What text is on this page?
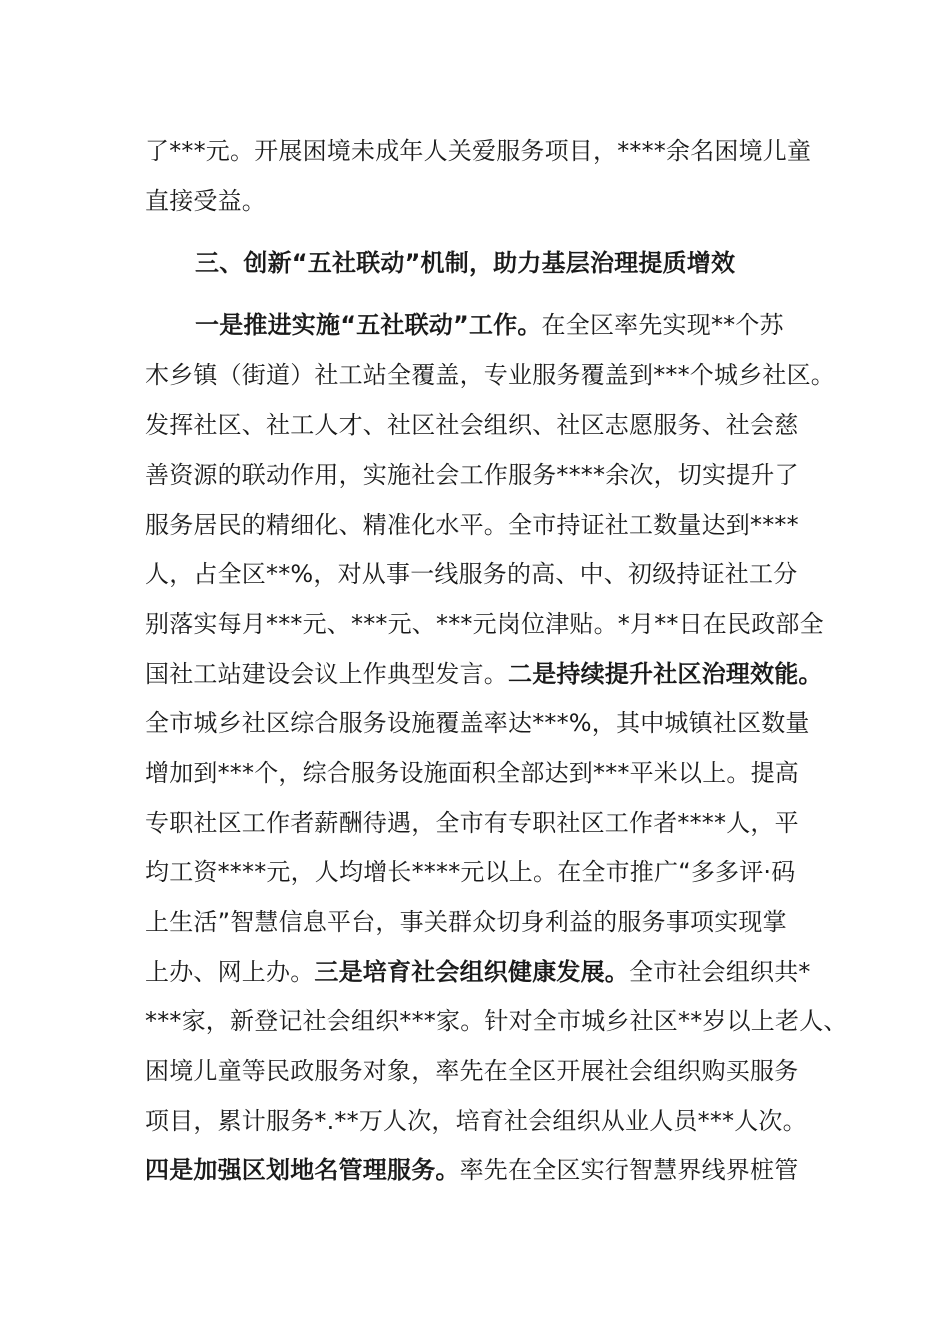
了***元。开展困境未成年人关爱服务项目，****余名困境儿童
直接受益。
三、创新“五社联动”机制，助力基层治理提质增效
一是推进实施“五社联动”工作。在全区率先实现**个苏
木乡镇（街道）社工站全覆盖，专业服务覆盖到***个城乡社区。
发挥社区、社工人才、社区社会组织、社区志愿服务、社会慈
善资源的联动作用，实施社会工作服务****余次，切实提升了
服务居民的精细化、精准化水平。全市持证社工数量达到****
人，占全区**%，对从事一线服务的高、中、初级持证社工分
别落实每月***元、***元、***元岗位津贴。*月**日在民政部全
国社工站建设会议上作典型发言。二是持续提升社区治理效能。
全市城乡社区综合服务设施覆盖率达***%，其中城镇社区数量
增加到***个，综合服务设施面积全部达到***平米以上。提高
专职社区工作者薪酬待遇，全市有专职社区工作者****人，平
均工资****元，人均增长****元以上。在全市推广“多多评·码
上生活”智慧信息平台，事关群众切身利益的服务事项实现掌
上办、网上办。三是培育社会组织健康发展。全市社会组织共*
***家，新登记社会组织***家。针对全市城乡社区**岁以上老人、
困境儿童等民政服务对象，率先在全区开展社会组织购买服务
项目，累计服务*.**万人次，培育社会组织从业人员***人次。
四是加强区划地名管理服务。率先在全区实行智慧界线界桩管
